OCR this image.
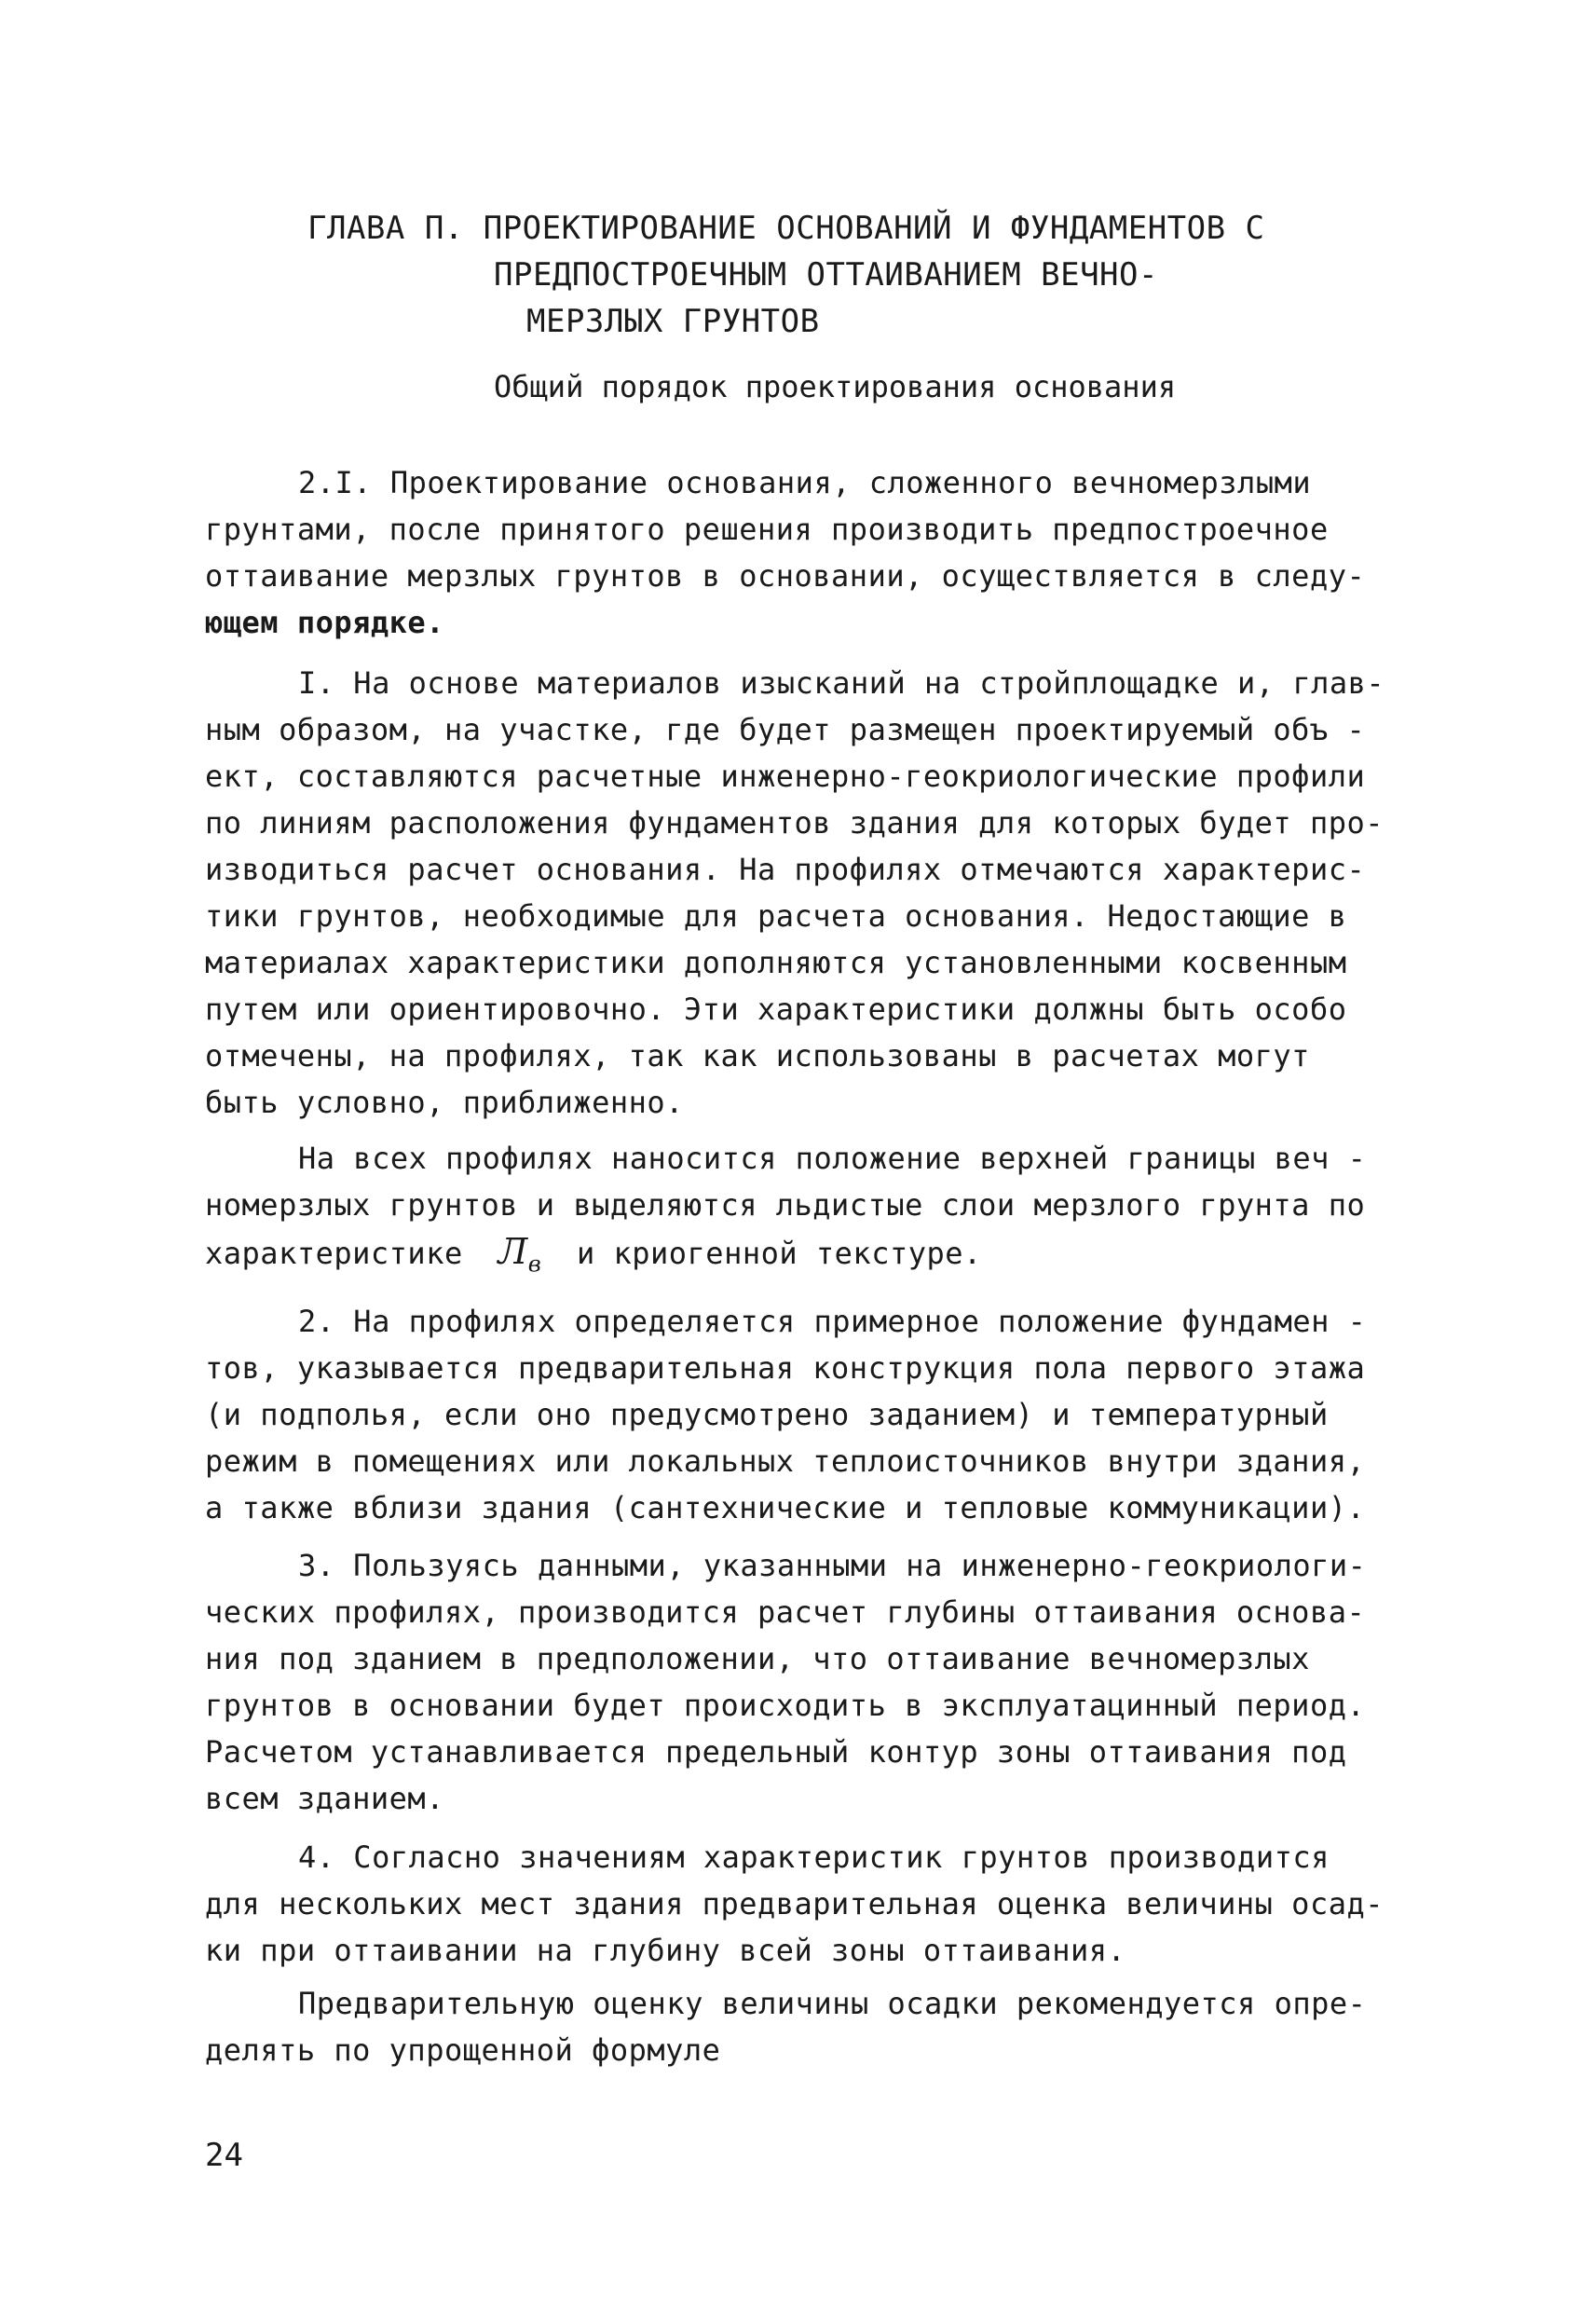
ГЛАВА П. ПРОЕКТИРОВАНИЕ ОСНОВАНИЙ И ФУНДАМЕНТОВ С
ПРЕДПОСТРОЕЧНЫМ ОТТАИВАНИЕМ ВЕЧНО-
МЕРЗЛЫХ ГРУНТОВ
Общий порядок проектирования основания
2.I. Проектирование основания, сложенного вечномерзлыми
грунтами, после принятого решения производить предпостроечное
оттаивание мерзлых грунтов в основании, осуществляется в следу-
ющем порядке.
I. На основе материалов изысканий на стройплощадке и, глав-
ным образом, на участке, где будет размещен проектируемый объ -
ект, составляются расчетные инженерно-геокриологические профили
по линиям расположения фундаментов здания для которых будет про-
изводиться расчет основания. На профилях отмечаются характерис-
тики грунтов, необходимые для расчета основания. Недостающие в
материалах характеристики дополняются установленными косвенным
путем или ориентировочно. Эти характеристики должны быть особо
отмечены, на профилях, так как использованы в расчетах могут
быть условно, приближенно.
На всех профилях наносится положение верхней границы веч -
номерзлых грунтов и выделяются льдистые слои мерзлого грунта по
характеристике $Л_в$ и криогенной текстуре.
2. На профилях определяется примерное положение фундамен -
тов, указывается предварительная конструкция пола первого этажа
(и подполья, если оно предусмотрено заданием) и температурный
режим в помещениях или локальных теплоисточников внутри здания,
а также вблизи здания (сантехнические и тепловые коммуникации).
3. Пользуясь данными, указанными на инженерно-геокриологи-
ческих профилях, производится расчет глубины оттаивания основа-
ния под зданием в предположении, что оттаивание вечномерзлых
грунтов в основании будет происходить в эксплуатацинный период.
Расчетом устанавливается предельный контур зоны оттаивания под
всем зданием.
4. Согласно значениям характеристик грунтов производится
для нескольких мест здания предварительная оценка величины осад-
ки при оттаивании на глубину всей зоны оттаивания.
Предварительную оценку величины осадки рекомендуется опре-
делять по упрощенной формуле
24
